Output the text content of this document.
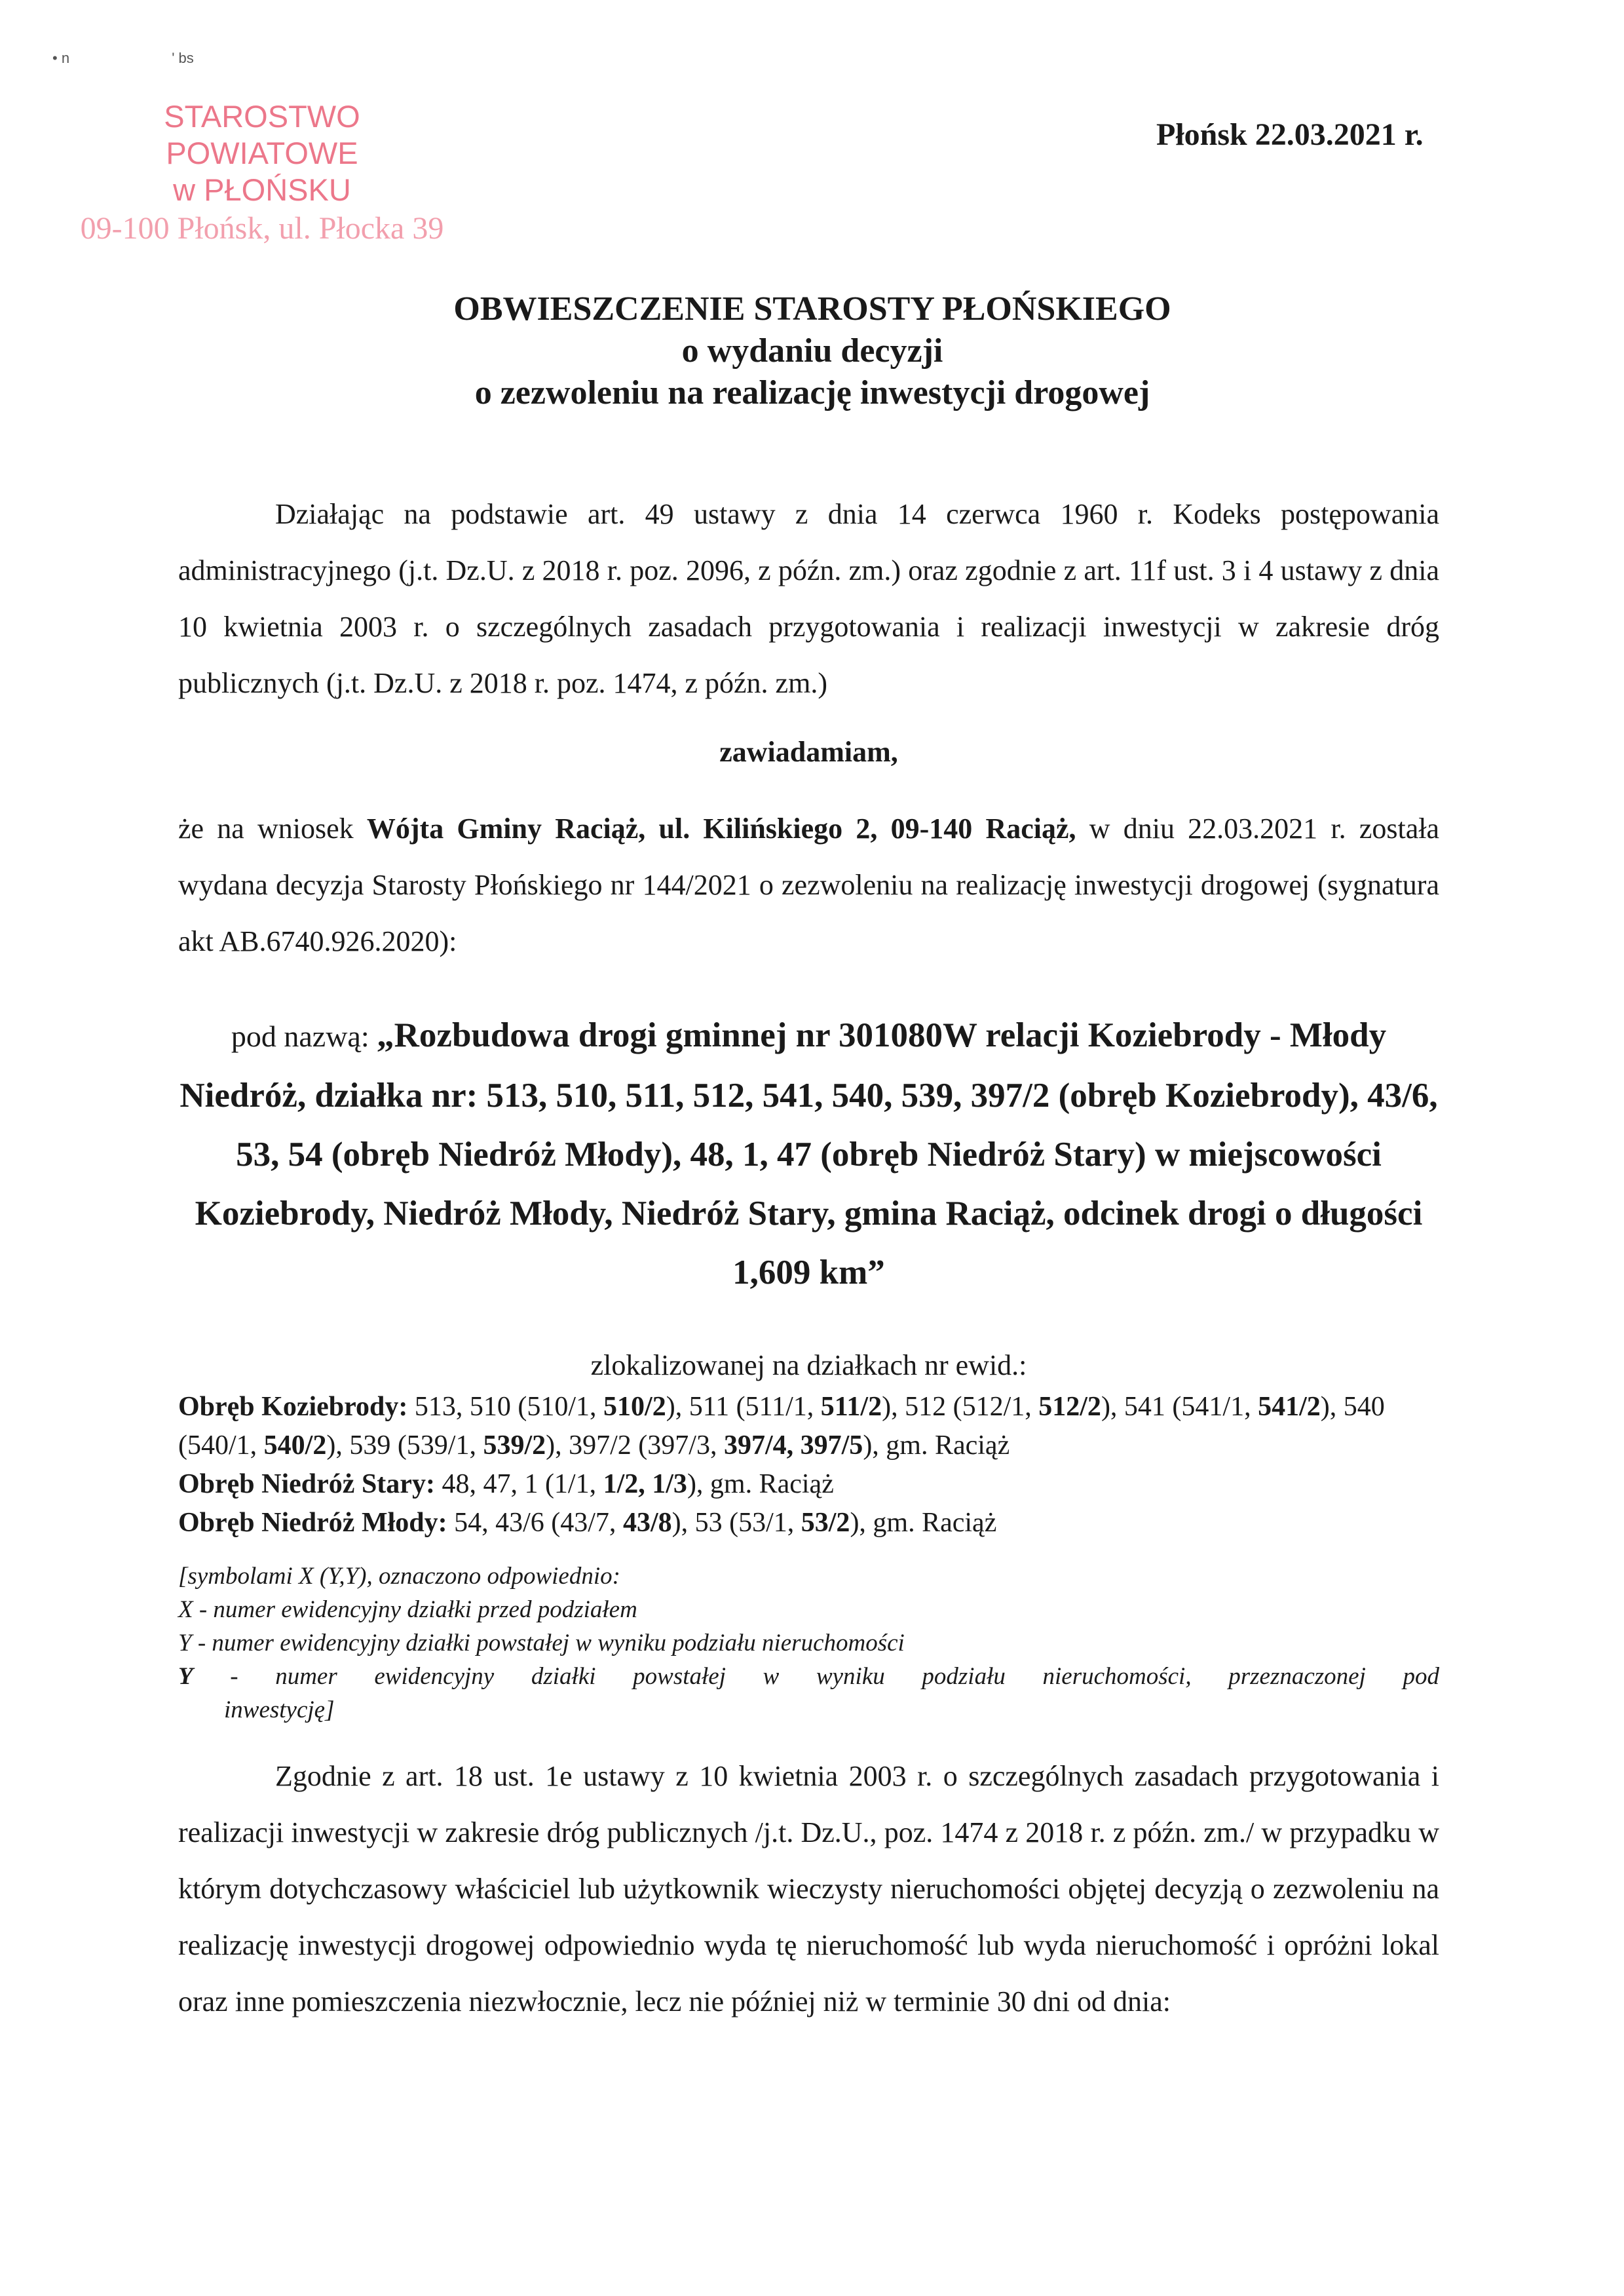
• n	' bs
STAROSTWO POWIATOWE
w PŁOŃSKU
09-100 Płońsk, ul. Płocka 39
Płońsk 22.03.2021 r.
OBWIESZCZENIE STAROSTY PŁOŃSKIEGO
o wydaniu decyzji
o zezwoleniu na realizację inwestycji drogowej
Działając na podstawie art. 49 ustawy z dnia 14 czerwca 1960 r. Kodeks postępowania administracyjnego (j.t. Dz.U. z 2018 r. poz. 2096, z późn. zm.) oraz zgodnie z art. 11f ust. 3 i 4 ustawy z dnia 10 kwietnia 2003 r. o szczególnych zasadach przygotowania i realizacji inwestycji w zakresie dróg publicznych (j.t. Dz.U. z 2018 r. poz. 1474, z późn. zm.)
zawiadamiam,
że na wniosek Wójta Gminy Raciąż, ul. Kilińskiego 2, 09-140 Raciąż, w dniu 22.03.2021 r. została wydana decyzja Starosty Płońskiego nr 144/2021 o zezwoleniu na realizację inwestycji drogowej (sygnatura akt AB.6740.926.2020):
pod nazwą: „Rozbudowa drogi gminnej nr 301080W relacji Koziebrody - Młody Niedróż, działka nr: 513, 510, 511, 512, 541, 540, 539, 397/2 (obręb Koziebrody), 43/6, 53, 54 (obręb Niedróż Młody), 48, 1, 47 (obręb Niedróż Stary) w miejscowości Koziebrody, Niedróż Młody, Niedróż Stary, gmina Raciąż, odcinek drogi o długości 1,609 km”
zlokalizowanej na działkach nr ewid.:
Obręb Koziebrody: 513, 510 (510/1, 510/2), 511 (511/1, 511/2), 512 (512/1, 512/2), 541 (541/1, 541/2), 540 (540/1, 540/2), 539 (539/1, 539/2), 397/2 (397/3, 397/4, 397/5), gm. Raciąż
Obręb Niedróż Stary: 48, 47, 1 (1/1, 1/2, 1/3), gm. Raciąż
Obręb Niedróż Młody: 54, 43/6 (43/7, 43/8), 53 (53/1, 53/2), gm. Raciąż
[symbolami X (Y,Y), oznaczono odpowiednio:
X - numer ewidencyjny działki przed podziałem
Y - numer ewidencyjny działki powstałej w wyniku podziału nieruchomości
Y - numer ewidencyjny działki powstałej w wyniku podziału nieruchomości, przeznaczonej pod
inwestycję]
Zgodnie z art. 18 ust. 1e ustawy z 10 kwietnia 2003 r. o szczególnych zasadach przygotowania i realizacji inwestycji w zakresie dróg publicznych /j.t. Dz.U., poz. 1474 z 2018 r. z późn. zm./ w przypadku w którym dotychczasowy właściciel lub użytkownik wieczysty nieruchomości objętej decyzją o zezwoleniu na realizację inwestycji drogowej odpowiednio wyda tę nieruchomość lub wyda nieruchomość i opróżni lokal oraz inne pomieszczenia niezwłocznie, lecz nie później niż w terminie 30 dni od dnia:
